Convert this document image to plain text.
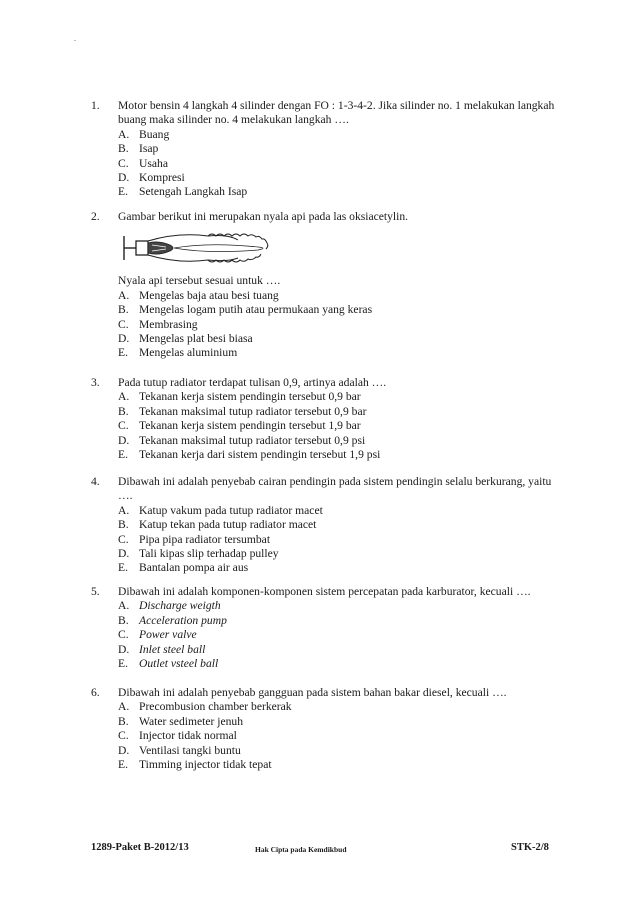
1.	Motor bensin 4 langkah 4 silinder dengan FO : 1-3-4-2. Jika silinder no. 1 melakukan langkah buang maka silinder no. 4 melakukan langkah ….
A. Buang
B. Isap
C. Usaha
D. Kompresi
E. Setengah Langkah Isap
2.	Gambar berikut ini merupakan nyala api pada las oksiacetylin.
Nyala api tersebut sesuai untuk ….
A. Mengelas baja atau besi tuang
B. Mengelas logam putih atau permukaan yang keras
C. Membrasing
D. Mengelas plat besi biasa
E. Mengelas aluminium
3.	Pada tutup radiator terdapat tulisan 0,9, artinya adalah ….
A. Tekanan kerja sistem pendingin tersebut 0,9 bar
B. Tekanan maksimal tutup radiator tersebut 0,9 bar
C. Tekanan kerja sistem pendingin tersebut 1,9 bar
D. Tekanan maksimal tutup radiator tersebut 0,9 psi
E. Tekanan kerja dari sistem pendingin tersebut 1,9 psi
4.	Dibawah ini adalah penyebab cairan pendingin pada sistem pendingin selalu berkurang, yaitu ….
A. Katup vakum pada tutup radiator macet
B. Katup tekan pada tutup radiator macet
C. Pipa pipa radiator tersumbat
D. Tali kipas slip terhadap pulley
E. Bantalan pompa air aus
5.	Dibawah ini adalah komponen-komponen sistem percepatan pada karburator, kecuali ….
A. Discharge weigth
B. Acceleration pump
C. Power valve
D. Inlet steel ball
E. Outlet vsteel ball
6.	Dibawah ini adalah penyebab gangguan pada sistem bahan bakar diesel, kecuali ….
A. Precombusion chamber berkerak
B. Water sedimeter jenuh
C. Injector tidak normal
D. Ventilasi tangki buntu
E. Timming injector tidak tepat
1289-Paket B-2012/13	Hak Cipta pada Kemdikbud	STK-2/8
